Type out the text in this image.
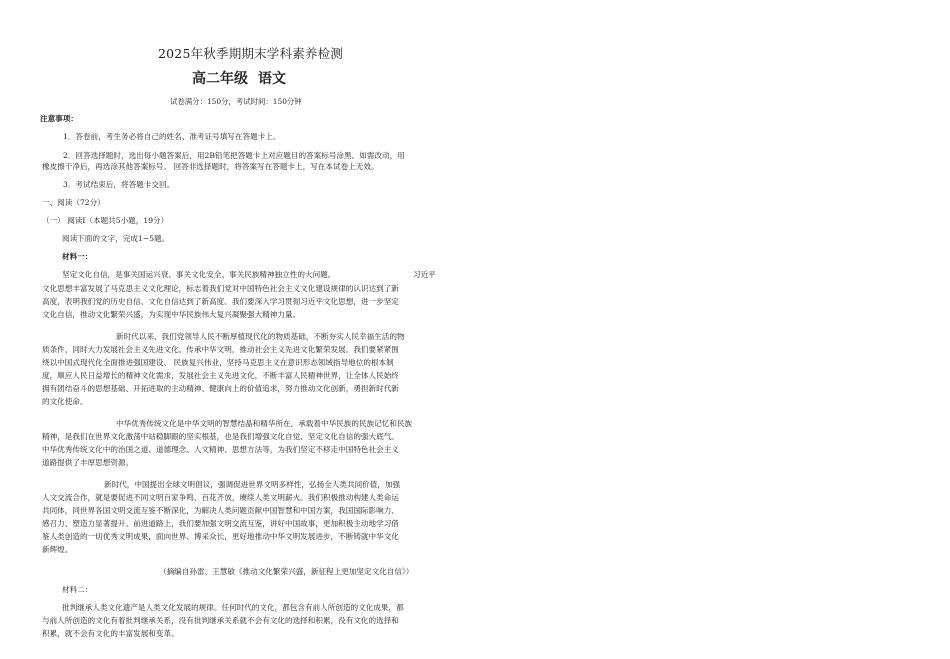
2025年秋季期期末学科素养检测
高二年级 语文
试卷满分：150分，考试时间：150分钟
注意事项：
1．答卷前，考生务必将自己的姓名、准考证号填写在答题卡上。
2．回答选择题时，选出每小题答案后，用2B铅笔把答题卡上对应题目的答案标号涂黑。如需改动，用
橡皮擦干净后，再选涂其他答案标号。 回答非选择题时，将答案写在答题卡上，写在本试卷上无效。
3．考试结束后，将答题卡交回。
一、阅读（72分）
（一） 阅读Ⅰ（本题共5小题，19分）
阅读下面的文字，完成1~5题。
材料一：
坚定文化自信，是事关国运兴衰、事关文化安全、事关民族精神独立性的大问题。	习近平
文化思想丰富发展了马克思主义文化理论，标志着我们党对中国特色社会主义文化建设规律的认识达到了新
高度，表明我们党的历史自信、文化自信达到了新高度。我们要深入学习贯彻习近平文化思想，进一步坚定
文化自信，推动文化繁荣兴盛，为实现中华民族伟大复兴凝聚强大精神力量。
新时代以来，我们党领导人民不断厚植现代化的物质基础，不断夯实人民幸福生活的物
质条件，同时大力发展社会主义先进文化。传承中华文明，推动社会主义先进文化繁荣发展。我们要紧紧围
绕以中国式现代化全面推进强国建设、 民族复兴伟业，坚持马克思主义在意识形态领域指导地位的根本制
度，顺应人民日益增长的精神文化需求，发展社会主义先进文化，不断丰富人民精神世界，让全体人民始终
拥有团结奋斗的思想基础、开拓进取的主动精神、健康向上的价值追求，努力推动文化创新，勇担新时代新
的文化使命。
中华优秀传统文化是中华文明的智慧结晶和精华所在，承载着中华民族的民族记忆和民族
精神，是我们在世界文化激荡中站稳脚跟的坚实根基，也是我们增强文化自觉、坚定文化自信的强大底气。
中华优秀传统文化中的治国之道、道德理念、人文精神、思想方法等，为我们坚定不移走中国特色社会主义
道路提供了丰厚思想资源。
新时代，中国提出全球文明倡议，强调促进世界文明多样性，弘扬全人类共同价值，加强
人文交流合作，就是要促进不同文明百家争鸣、百花齐放，赓续人类文明薪火。我们积极推动构建人类命运
共同体，同世界各国文明交流互鉴不断深化，为解决人类问题贡献中国智慧和中国方案，我国国际影响力、
感召力、塑造力显著提升。前进道路上，我们要加强文明交流互鉴，讲好中国故事，更加积极主动地学习借
鉴人类创造的一切优秀文明成果，面向世界、博采众长，更好地推动中华文明发展进步，不断铸就中华文化
新辉煌。
（摘编自孙雷、王慧敏《推动文化繁荣兴盛，新征程上更加坚定文化自信》）
材料二：
批判继承人类文化遗产是人类文化发展的规律。任何时代的文化，都包含有前人所创造的文化成果，都
与前人所创造的文化有着批判继承关系，没有批判继承关系就不会有文化的选择和积累，没有文化的选择和
积累，就不会有文化的丰富发展和变革。
